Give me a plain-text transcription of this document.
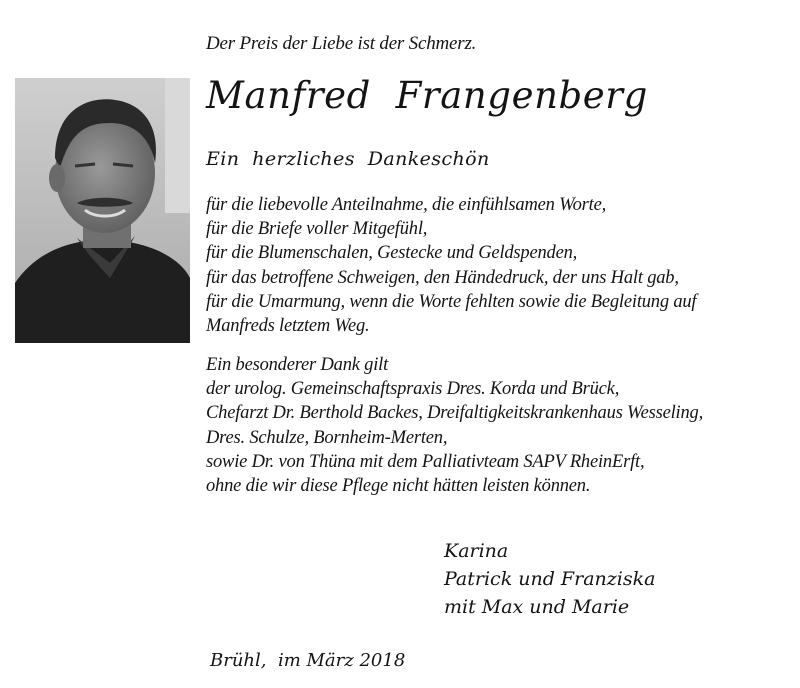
Der Preis der Liebe ist der Schmerz.
Manfred  Frangenberg
Ein  herzliches  Dankeschön
für die liebevolle Anteilnahme, die einfühlsamen Worte,
für die Briefe voller Mitgefühl,
für die Blumenschalen, Gestecke und Geldspenden,
für das betroffene Schweigen, den Händedruck, der uns Halt gab,
für die Umarmung, wenn die Worte fehlten sowie die Begleitung auf
Manfreds letztem Weg.
Ein besonderer Dank gilt
der urolog. Gemeinschaftspraxis Dres. Korda und Brück,
Chefarzt Dr. Berthold Backes, Dreifaltigkeitskrankenhaus Wesseling,
Dres. Schulze, Bornheim-Merten,
sowie Dr. von Thüna mit dem Palliativteam SAPV RheinErft,
ohne die wir diese Pflege nicht hätten leisten können.
Karina
Patrick und Franziska
mit Max und Marie
Brühl,  im März 2018
